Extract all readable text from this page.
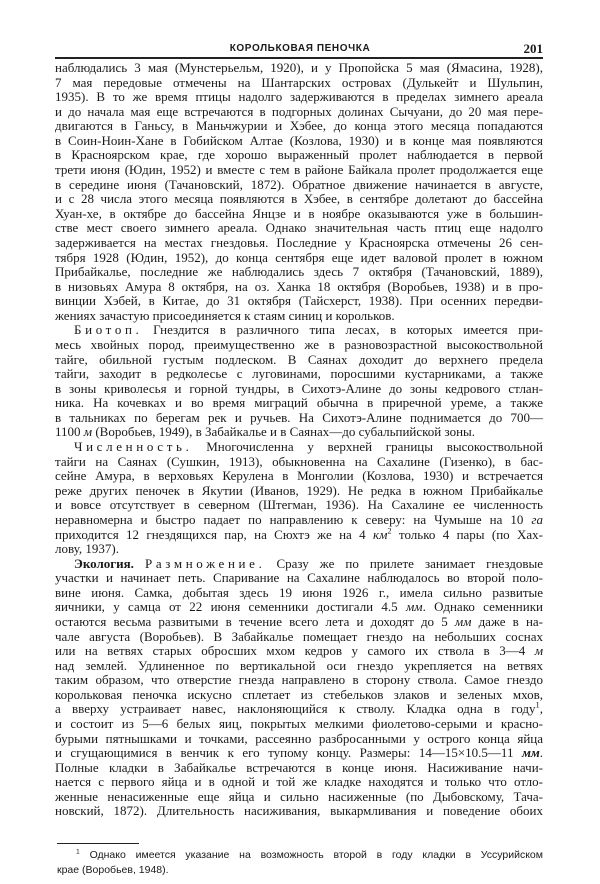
КОРОЛЬКОВАЯ ПЕНОЧКА	201
наблюдались 3 мая (Мунстерьельм, 1920), и у Пропойска 5 мая (Ямасина, 1928),
7 мая передовые отмечены на Шантарских островах (Дулькейт и Шульпин,
1935). В то же время птицы надолго задерживаются в пределах зимнего ареала
и до начала мая еще встречаются в подгорных долинах Сычуани, до 20 мая пере-
двигаются в Ганьсу, в Маньчжурии и Хэбее, до конца этого месяца попадаются
в Соин-Ноин-Хане в Гобийском Алтае (Козлова, 1930) и в конце мая появляются
в Красноярском крае, где хорошо выраженный пролет наблюдается в первой
трети июня (Юдин, 1952) и вместе с тем в районе Байкала пролет продолжается еще
в середине июня (Тачановский, 1872). Обратное движение начинается в августе,
и с 28 числа этого месяца появляются в Хэбее, в сентябре долетают до бассейна
Хуан-хе, в октябре до бассейна Янцзе и в ноябре оказываются уже в большин-
стве мест своего зимнего ареала. Однако значительная часть птиц еще надолго
задерживается на местах гнездовья. Последние у Красноярска отмечены 26 сен-
тября 1928 (Юдин, 1952), до конца сентября еще идет валовой пролет в южном
Прибайкалье, последние же наблюдались здесь 7 октября (Тачановский, 1889),
в низовьях Амура 8 октября, на оз. Ханка 18 октября (Воробьев, 1938) и в про-
винции Хэбей, в Китае, до 31 октября (Тайсхерст, 1938). При осенних передви-
жениях зачастую присоединяется к стаям синиц и корольков.
Биотоп. Гнездится в различного типа лесах, в которых имеется при-
месь хвойных пород, преимущественно же в разновозрастной высокоствольной
тайге, обильной густым подлеском. В Саянах доходит до верхнего предела
тайги, заходит в редколесье с луговинами, поросшими кустарниками, а также
в зоны криволесья и горной тундры, в Сихотэ-Алине до зоны кедрового стлан-
ника. На кочевках и во время миграций обычна в приречной уреме, а также
в тальниках по берегам рек и ручьев. На Сихотэ-Алине поднимается до 700—
1100 м (Воробьев, 1949), в Забайкалье и в Саянах—до субальпийской зоны.
Численность. Многочисленна у верхней границы высокоствольной
тайги на Саянах (Сушкин, 1913), обыкновенна на Сахалине (Гизенко), в бас-
сейне Амура, в верховьях Керулена в Монголии (Козлова, 1930) и встречается
реже других пеночек в Якутии (Иванов, 1929). Не редка в южном Прибайкалье
и вовсе отсутствует в северном (Штегман, 1936). На Сахалине ее численность
неравномерна и быстро падает по направлению к северу: на Чумыше на 10 га
приходится 12 гнездящихся пар, на Сюхтэ же на 4 $км^2$ только 4 пары (по Хах-
лову, 1937).
Экология. Размножение. Сразу же по прилете занимает гнездовые
участки и начинает петь. Спаривание на Сахалине наблюдалось во второй поло-
вине июня. Самка, добытая здесь 19 июня 1926 г., имела сильно развитые
яичники, у самца от 22 июня семенники достигали 4.5 мм. Однако семенники
остаются весьма развитыми в течение всего лета и доходят до 5 мм даже в на-
чале августа (Воробьев). В Забайкалье помещает гнездо на небольших соснах
или на ветвях старых обросших мхом кедров у самого их ствола в 3—4 м
над землей. Удлиненное по вертикальной оси гнездо укрепляется на ветвях
таким образом, что отверстие гнезда направлено в сторону ствола. Самое гнездо
корольковая пеночка искусно сплетает из стебельков злаков и зеленых мхов,
а вверху устраивает навес, наклоняющийся к стволу. Кладка одна в году$^1$,
и состоит из 5—6 белых яиц, покрытых мелкими фиолетово-серыми и красно-
бурыми пятнышками и точками, рассеянно разбросанными у острого конца яйца
и сгущающимися в венчик к его тупому концу. Размеры: 14—15×10.5—11 мм.
Полные кладки в Забайкалье встречаются в конце июня. Насиживание начи-
нается с первого яйца и в одной и той же кладке находятся и только что отло-
женные ненасиженные еще яйца и сильно насиженные (по Дыбовскому, Тача-
новский, 1872). Длительность насиживания, выкармливания и поведение обоих
$^1$ Однако имеется указание на возможность второй в году кладки в Уссурийском
крае (Воробьев, 1948).
